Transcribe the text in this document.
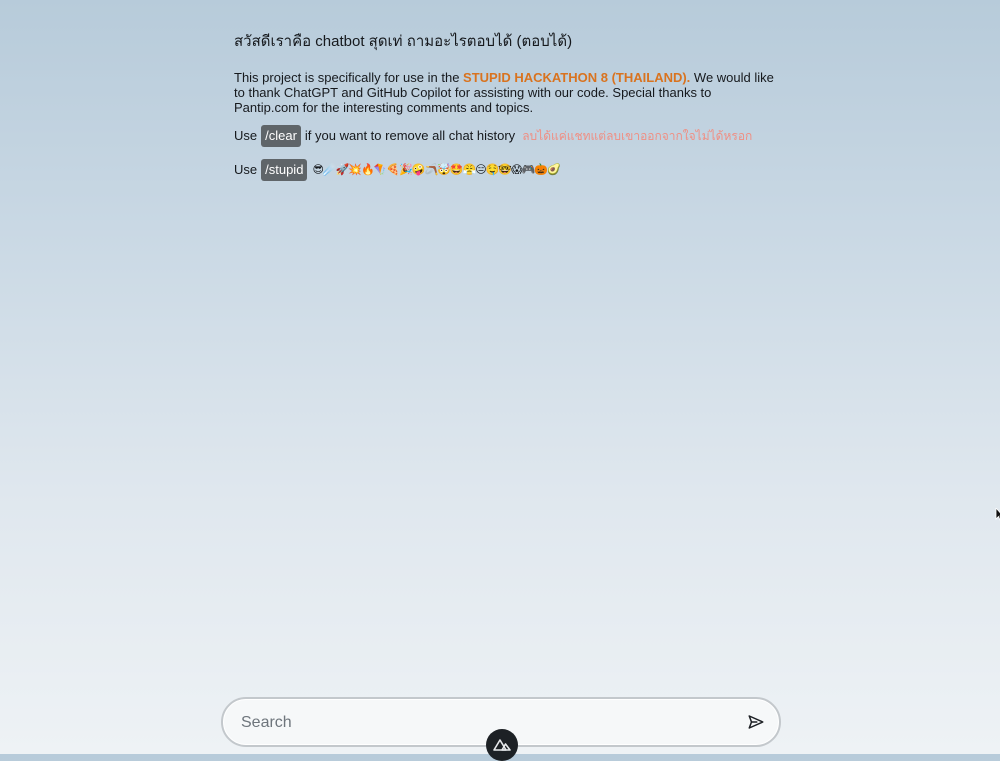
สวัสดีเราคือ chatbot สุดเท่ ถามอะไรตอบได้ (ตอบได้)

This project is specifically for use in the STUPID HACKATHON 8 (THAILAND). We would like to thank ChatGPT and GitHub Copilot for assisting with our code. Special thanks to Pantip.com for the interesting comments and topics.

Use /clear if you want to remove all chat history ลบได้แค่แชทแต่ลบเขาออกจากใจไม่ได้หรอก

Use /stupid 😎☄️🚀💥🔥🪁🍕🎉🤪🪃🤯🤩😤😑🤤🤓😱🎮🎃🥑

Search
